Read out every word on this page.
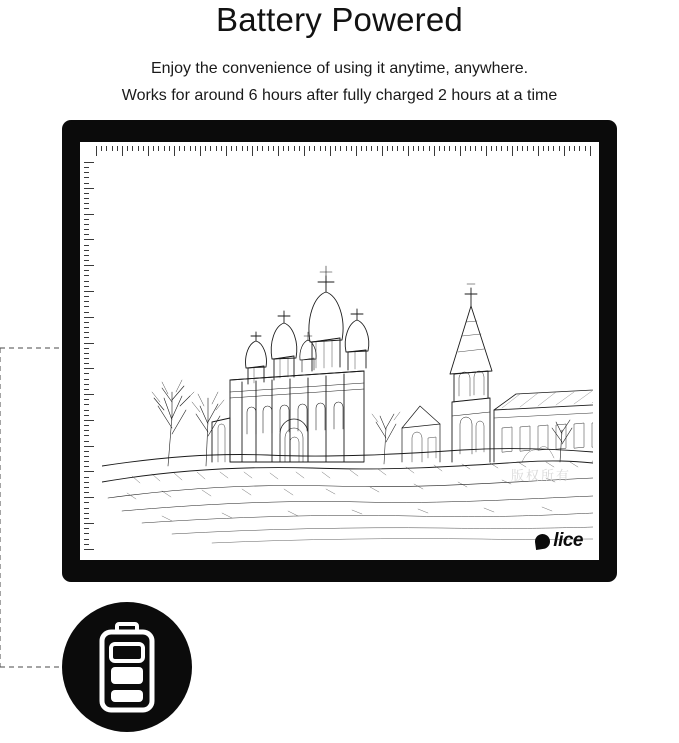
Battery Powered
Enjoy the convenience of using it anytime, anywhere.
Works for around 6 hours after fully charged 2 hours at a time
版权所有
lice
